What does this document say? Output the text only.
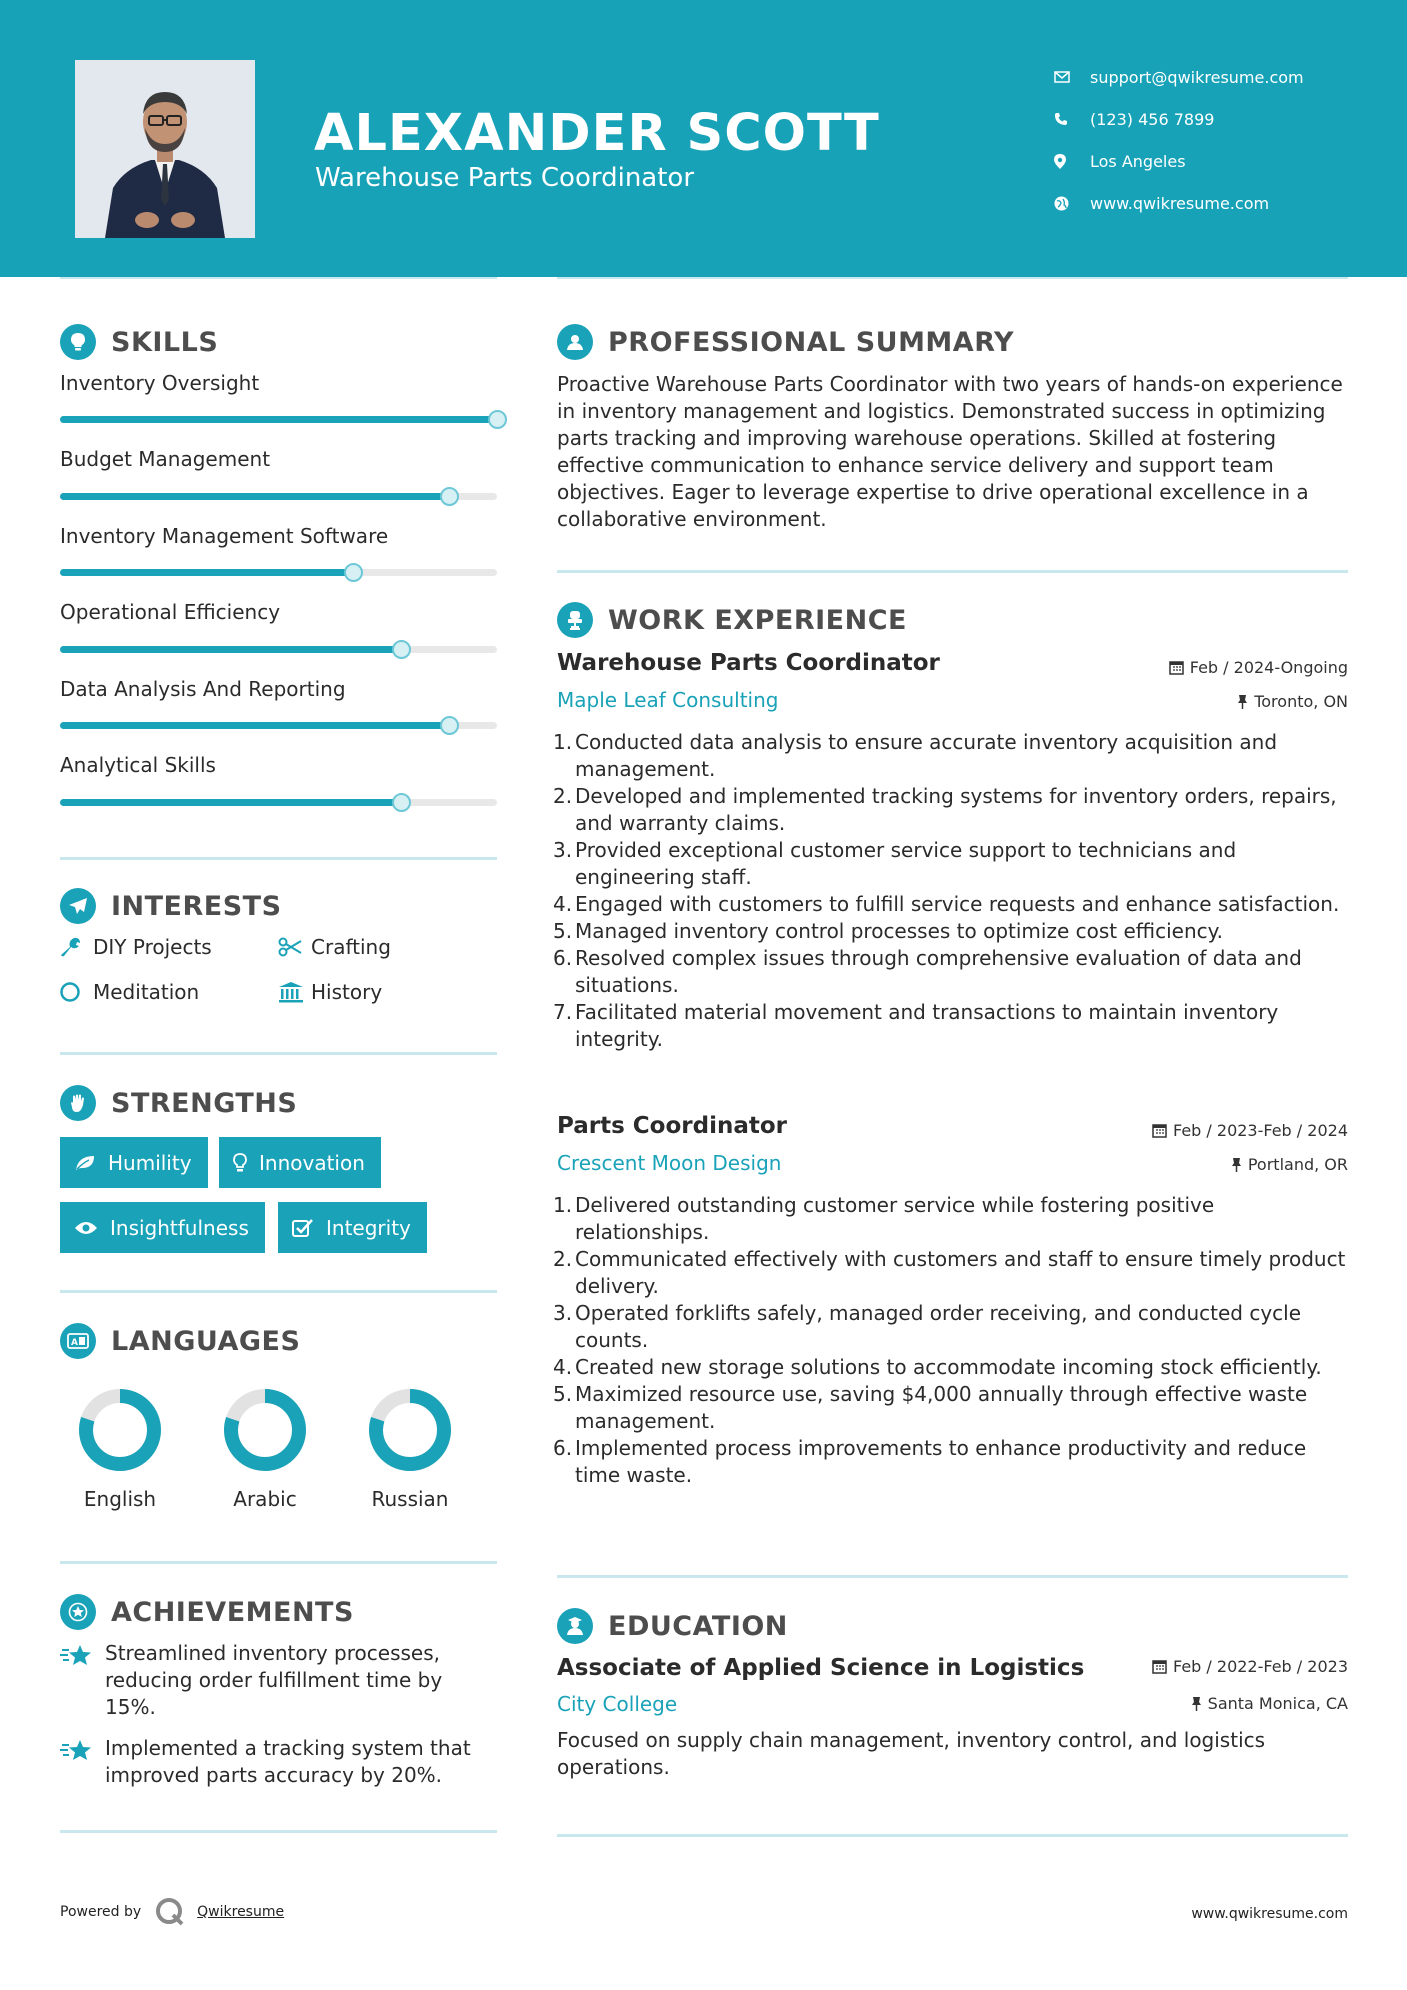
ALEXANDER SCOTT
Warehouse Parts Coordinator
support@qwikresume.com
(123) 456 7899
Los Angeles
www.qwikresume.com
SKILLS
Inventory Oversight
Budget Management
Inventory Management Software
Operational Efficiency
Data Analysis And Reporting
Analytical Skills
INTERESTS
DIY Projects	Crafting
Meditation	History
STRENGTHS
Humility	Innovation
Insightfulness	Integrity
A LANGUAGES
English	Arabic	Russian
ACHIEVEMENTS
Streamlined inventory processes, reducing order fulfillment time by 15%.
Implemented a tracking system that improved parts accuracy by 20%.
PROFESSIONAL SUMMARY
Proactive Warehouse Parts Coordinator with two years of hands-on experience in inventory management and logistics. Demonstrated success in optimizing parts tracking and improving warehouse operations. Skilled at fostering effective communication to enhance service delivery and support team objectives. Eager to leverage expertise to drive operational excellence in a collaborative environment.
WORK EXPERIENCE
Warehouse Parts Coordinator	Feb / 2024-Ongoing
Maple Leaf Consulting	Toronto, ON
1. Conducted data analysis to ensure accurate inventory acquisition and management.
2. Developed and implemented tracking systems for inventory orders, repairs, and warranty claims.
3. Provided exceptional customer service support to technicians and engineering staff.
4. Engaged with customers to fulfill service requests and enhance satisfaction.
5. Managed inventory control processes to optimize cost efficiency.
6. Resolved complex issues through comprehensive evaluation of data and situations.
7. Facilitated material movement and transactions to maintain inventory integrity.
Parts Coordinator	Feb / 2023-Feb / 2024
Crescent Moon Design	Portland, OR
1. Delivered outstanding customer service while fostering positive relationships.
2. Communicated effectively with customers and staff to ensure timely product delivery.
3. Operated forklifts safely, managed order receiving, and conducted cycle counts.
4. Created new storage solutions to accommodate incoming stock efficiently.
5. Maximized resource use, saving $4,000 annually through effective waste management.
6. Implemented process improvements to enhance productivity and reduce time waste.
EDUCATION
Associate of Applied Science in Logistics	Feb / 2022-Feb / 2023
City College	Santa Monica, CA
Focused on supply chain management, inventory control, and logistics operations.
Powered by	Qwikresume	www.qwikresume.com
